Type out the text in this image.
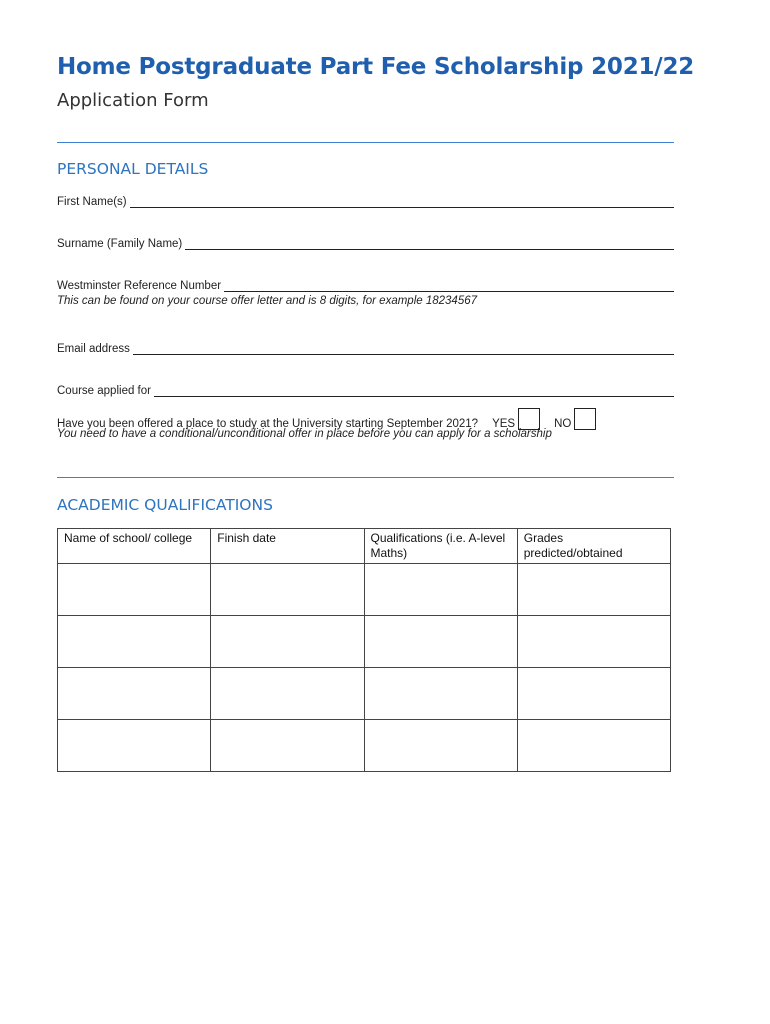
Home Postgraduate Part Fee Scholarship 2021/22
Application Form
PERSONAL DETAILS
First Name(s)
Surname (Family Name)
Westminster Reference Number
This can be found on your course offer letter and is 8 digits, for example 18234567
Email address
Course applied for
Have you been offered a place to study at the University starting September 2021? YES	NO
You need to have a conditional/unconditional offer in place before you can apply for a scholarship
ACADEMIC QUALIFICATIONS
Name of school/ college	Finish date	Qualifications (i.e. A-level Maths)	Grades predicted/obtained
